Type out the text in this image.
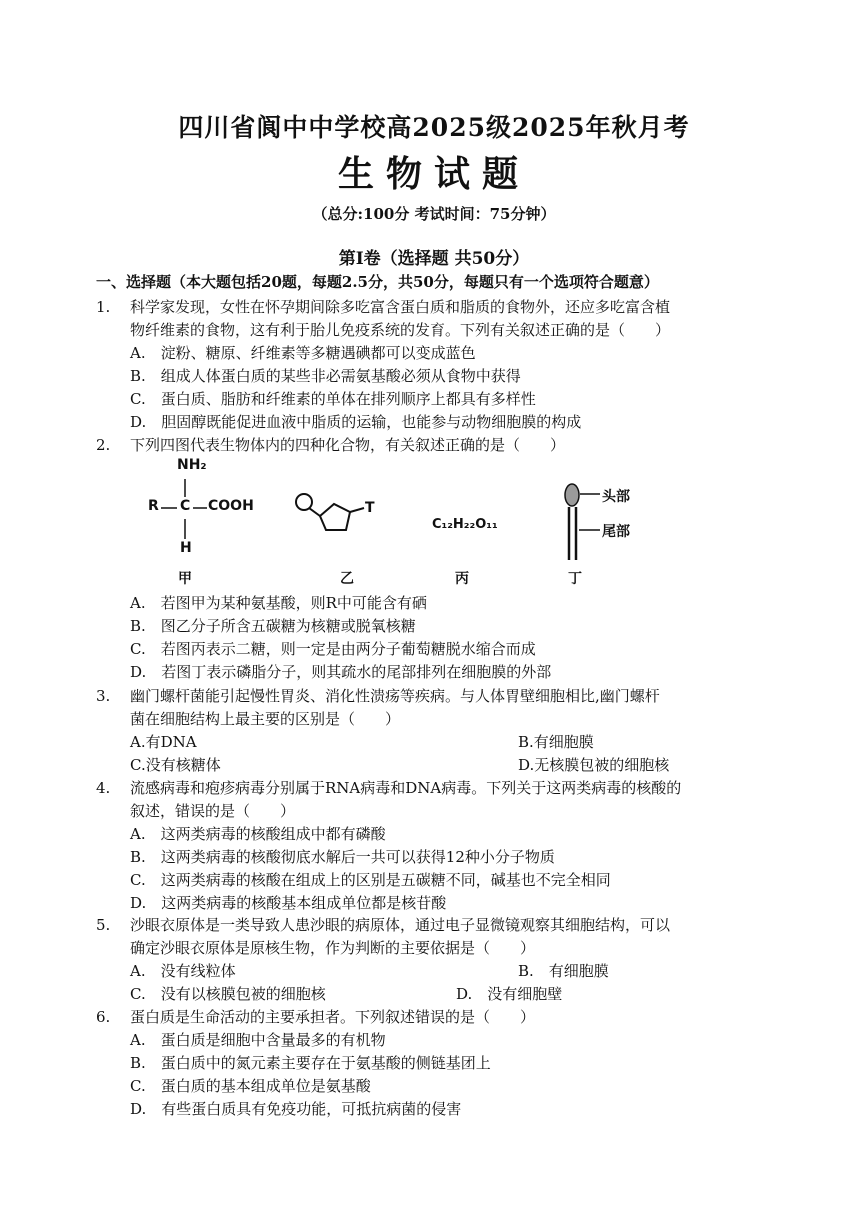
四川省阆中中学校高2025级2025年秋月考
生物试题
（总分:100分 考试时间：75分钟）
第Ⅰ卷（选择题 共50分）
一、选择题（本大题包括20题，每题2.5分，共50分，每题只有一个选项符合题意）
1. 科学家发现，女性在怀孕期间除多吃富含蛋白质和脂质的食物外，还应多吃富含植
物纤维素的食物，这有利于胎儿免疫系统的发育。下列有关叙述正确的是（　　）
A.　淀粉、糖原、纤维素等多糖遇碘都可以变成蓝色
B.　组成人体蛋白质的某些非必需氨基酸必须从食物中获得
C.　蛋白质、脂肪和纤维素的单体在排列顺序上都具有多样性
D.　胆固醇既能促进血液中脂质的运输，也能参与动物细胞膜的构成
2. 下列四图代表生物体内的四种化合物，有关叙述正确的是（　　）
NH₂
R C COOH
H
甲
T
乙
C₁₂H₂₂O₁₁
丙
头部
尾部
丁
A.　若图甲为某种氨基酸，则R中可能含有硒
B.　图乙分子所含五碳糖为核糖或脱氧核糖
C.　若图丙表示二糖，则一定是由两分子葡萄糖脱水缩合而成
D.　若图丁表示磷脂分子，则其疏水的尾部排列在细胞膜的外部
3. 幽门螺杆菌能引起慢性胃炎、消化性溃疡等疾病。与人体胃壁细胞相比,幽门螺杆
菌在细胞结构上最主要的区别是（　　）
A.有DNA	B.有细胞膜
C.没有核糖体	D.无核膜包被的细胞核
4. 流感病毒和疱疹病毒分别属于RNA病毒和DNA病毒。下列关于这两类病毒的核酸的
叙述，错误的是（　　）
A.　这两类病毒的核酸组成中都有磷酸
B.　这两类病毒的核酸彻底水解后一共可以获得12种小分子物质
C.　这两类病毒的核酸在组成上的区别是五碳糖不同，碱基也不完全相同
D.　这两类病毒的核酸基本组成单位都是核苷酸
5. 沙眼衣原体是一类导致人患沙眼的病原体，通过电子显微镜观察其细胞结构，可以
确定沙眼衣原体是原核生物，作为判断的主要依据是（　　）
A.　没有线粒体	B.　有细胞膜
C.　没有以核膜包被的细胞核	D.　没有细胞壁
6. 蛋白质是生命活动的主要承担者。下列叙述错误的是（　　）
A.　蛋白质是细胞中含量最多的有机物
B.　蛋白质中的氮元素主要存在于氨基酸的侧链基团上
C.　蛋白质的基本组成单位是氨基酸
D.　有些蛋白质具有免疫功能，可抵抗病菌的侵害
